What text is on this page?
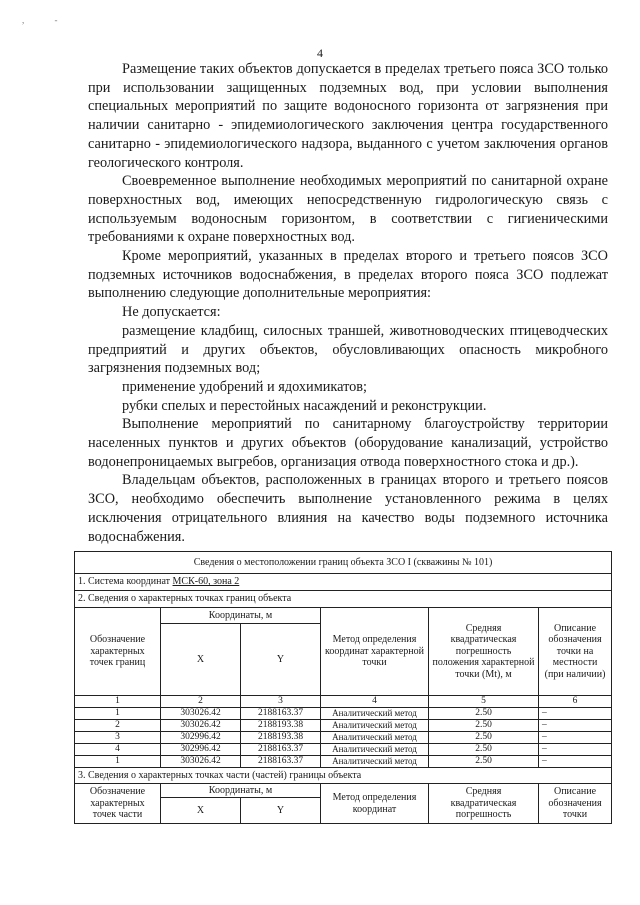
, -
4

Размещение таких объектов допускается в пределах третьего пояса ЗСО только при использовании защищенных подземных вод, при условии выполнения специальных мероприятий по защите водоносного горизонта от загрязнения при наличии санитарно - эпидемиологического заключения центра государственного санитарно - эпидемиологического надзора, выданного с учетом заключения органов геологического контроля.

Своевременное выполнение необходимых мероприятий по санитарной охране поверхностных вод, имеющих непосредственную гидрологическую связь с используемым водоносным горизонтом, в соответствии с гигиеническими требованиями к охране поверхностных вод.

Кроме мероприятий, указанных в пределах второго и третьего поясов ЗСО подземных источников водоснабжения, в пределах второго пояса ЗСО подлежат выполнению следующие дополнительные мероприятия:

Не допускается:

размещение кладбищ, силосных траншей, животноводческих птицеводческих предприятий и других объектов, обусловливающих опасность микробного загрязнения подземных вод;

применение удобрений и ядохимикатов;

рубки спелых и перестойных насаждений и реконструкции.

Выполнение мероприятий по санитарному благоустройству территории населенных пунктов и других объектов (оборудование канализаций, устройство водонепроницаемых выгребов, организация отвода поверхностного стока и др.).

Владельцам объектов, расположенных в границах второго и третьего поясов ЗСО, необходимо обеспечить выполнение установленного режима в целях исключения отрицательного влияния на качество воды подземного источника водоснабжения.

Сведения о местоположении границ объекта ЗСО I (скважины № 101)					
1. Система координат МСК-60, зона 2					
2. Сведения о характерных точках границ объекта					
Обозначение характерных точек границ	Координаты, м		Метод определения координат характерной точки	Средняя квадратическая погрешность положения характерной точки (Mt), м	Описание обозначения точки на местности (при наличии)
	X	Y			
1	2	3	4	5	6
1	303026.42	2188163.37	Аналитический метод	2.50	–
2	303026.42	2188193.38	Аналитический метод	2.50	–
3	302996.42	2188193.38	Аналитический метод	2.50	–
4	302996.42	2188163.37	Аналитический метод	2.50	–
1	303026.42	2188163.37	Аналитический метод	2.50	–
3. Сведения о характерных точках части (частей) границы объекта					
Обозначение характерных точек части	Координаты, м		Метод определения координат	Средняя квадратическая погрешность	Описание обозначения точки
	X	Y			
